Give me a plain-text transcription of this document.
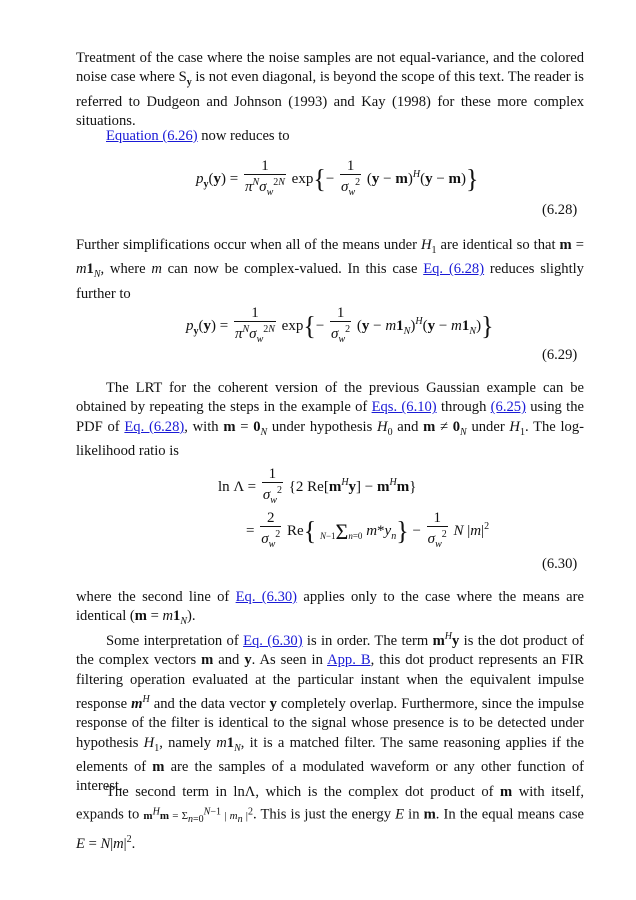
Treatment of the case where the noise samples are not equal-variance, and the colored noise case where $S_y$ is not even diagonal, is beyond the scope of this text. The reader is referred to Dudgeon and Johnson (1993) and Kay (1998) for these more complex situations.
Equation (6.26) now reduces to
$p_y(y) = \frac{1}{\pi^N\sigma_w^{2N}} \exp\{- \frac{1}{\sigma_w^2} (y - m)^H(y - m)\}$
(6.28)
Further simplifications occur when all of the means under $H_1$ are identical so that $m = m1_N$, where m can now be complex-valued. In this case Eq. (6.28) reduces slightly further to
$p_y(y) = \frac{1}{\pi^N\sigma_w^{2N}} \exp\{- \frac{1}{\sigma_w^2} (y - m1_N)^H(y - m1_N)\}$
(6.29)
The LRT for the coherent version of the previous Gaussian example can be obtained by repeating the steps in the example of Eqs. (6.10) through (6.25) using the PDF of Eq. (6.28), with $m = 0_N$ under hypothesis $H_0$ and $m \ne 0_N$ under $H_1$. The log-likelihood ratio is
$\ln \Lambda = \frac{1}{\sigma_w^2} \{2$ $Re[m^Hy] - m^Hm$}
= $\frac{2}{\sigma_w^2} Re${ N−1Σn=0 $m*y_n\} - \frac{1}{\sigma_w^2}$ N $|m|^2$
(6.30)
where the second line of Eq. (6.30) applies only to the case where the means are identical $(m = m1_N)$.
Some interpretation of Eq. (6.30) is in order. The term $m^Hy$ is the dot product of the complex vectors m and y. As seen in App. B, this dot product represents an FIR filtering operation evaluated at the particular instant when the equivalent impulse response $m^H$ and the data vector y completely overlap. Furthermore, since the impulse response of the filter is identical to the signal whose presence is to be detected under hypothesis $H_1$, namely $m1_N$, it is a matched filter. The same reasoning applies if the elements of m are the samples of a modulated waveform or any other function of interest.
The second term in lnΛ, which is the complex dot product of m with itself, expands to $m^Hm = \Sigma_{n=0}^{N-1}$ | $m_n$ $|^2$. This is just the energy E in m. In the equal means case $E = N|m|^2$.
